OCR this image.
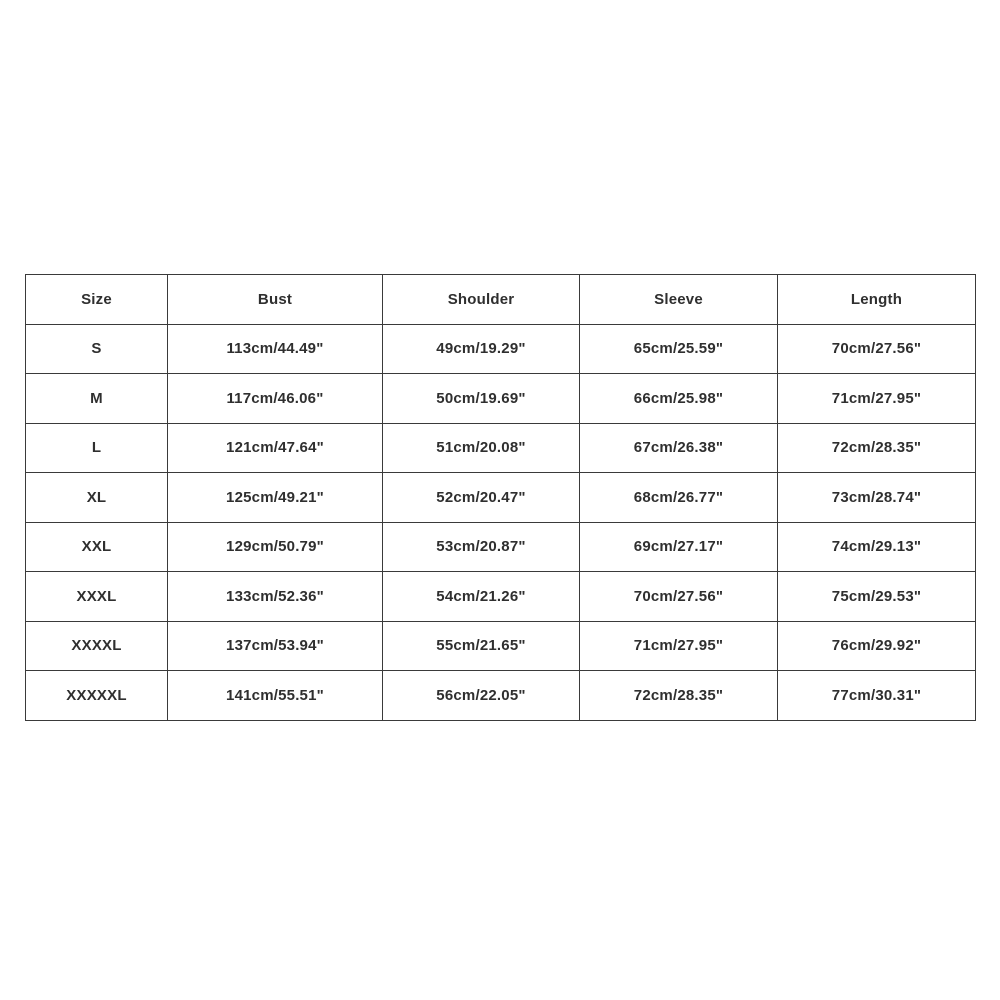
Size	Bust	Shoulder	Sleeve	Length
S	113cm/44.49"	49cm/19.29"	65cm/25.59"	70cm/27.56"
M	117cm/46.06"	50cm/19.69"	66cm/25.98"	71cm/27.95"
L	121cm/47.64"	51cm/20.08"	67cm/26.38"	72cm/28.35"
XL	125cm/49.21"	52cm/20.47"	68cm/26.77"	73cm/28.74"
XXL	129cm/50.79"	53cm/20.87"	69cm/27.17"	74cm/29.13"
XXXL	133cm/52.36"	54cm/21.26"	70cm/27.56"	75cm/29.53"
XXXXL	137cm/53.94"	55cm/21.65"	71cm/27.95"	76cm/29.92"
XXXXXL	141cm/55.51"	56cm/22.05"	72cm/28.35"	77cm/30.31"
